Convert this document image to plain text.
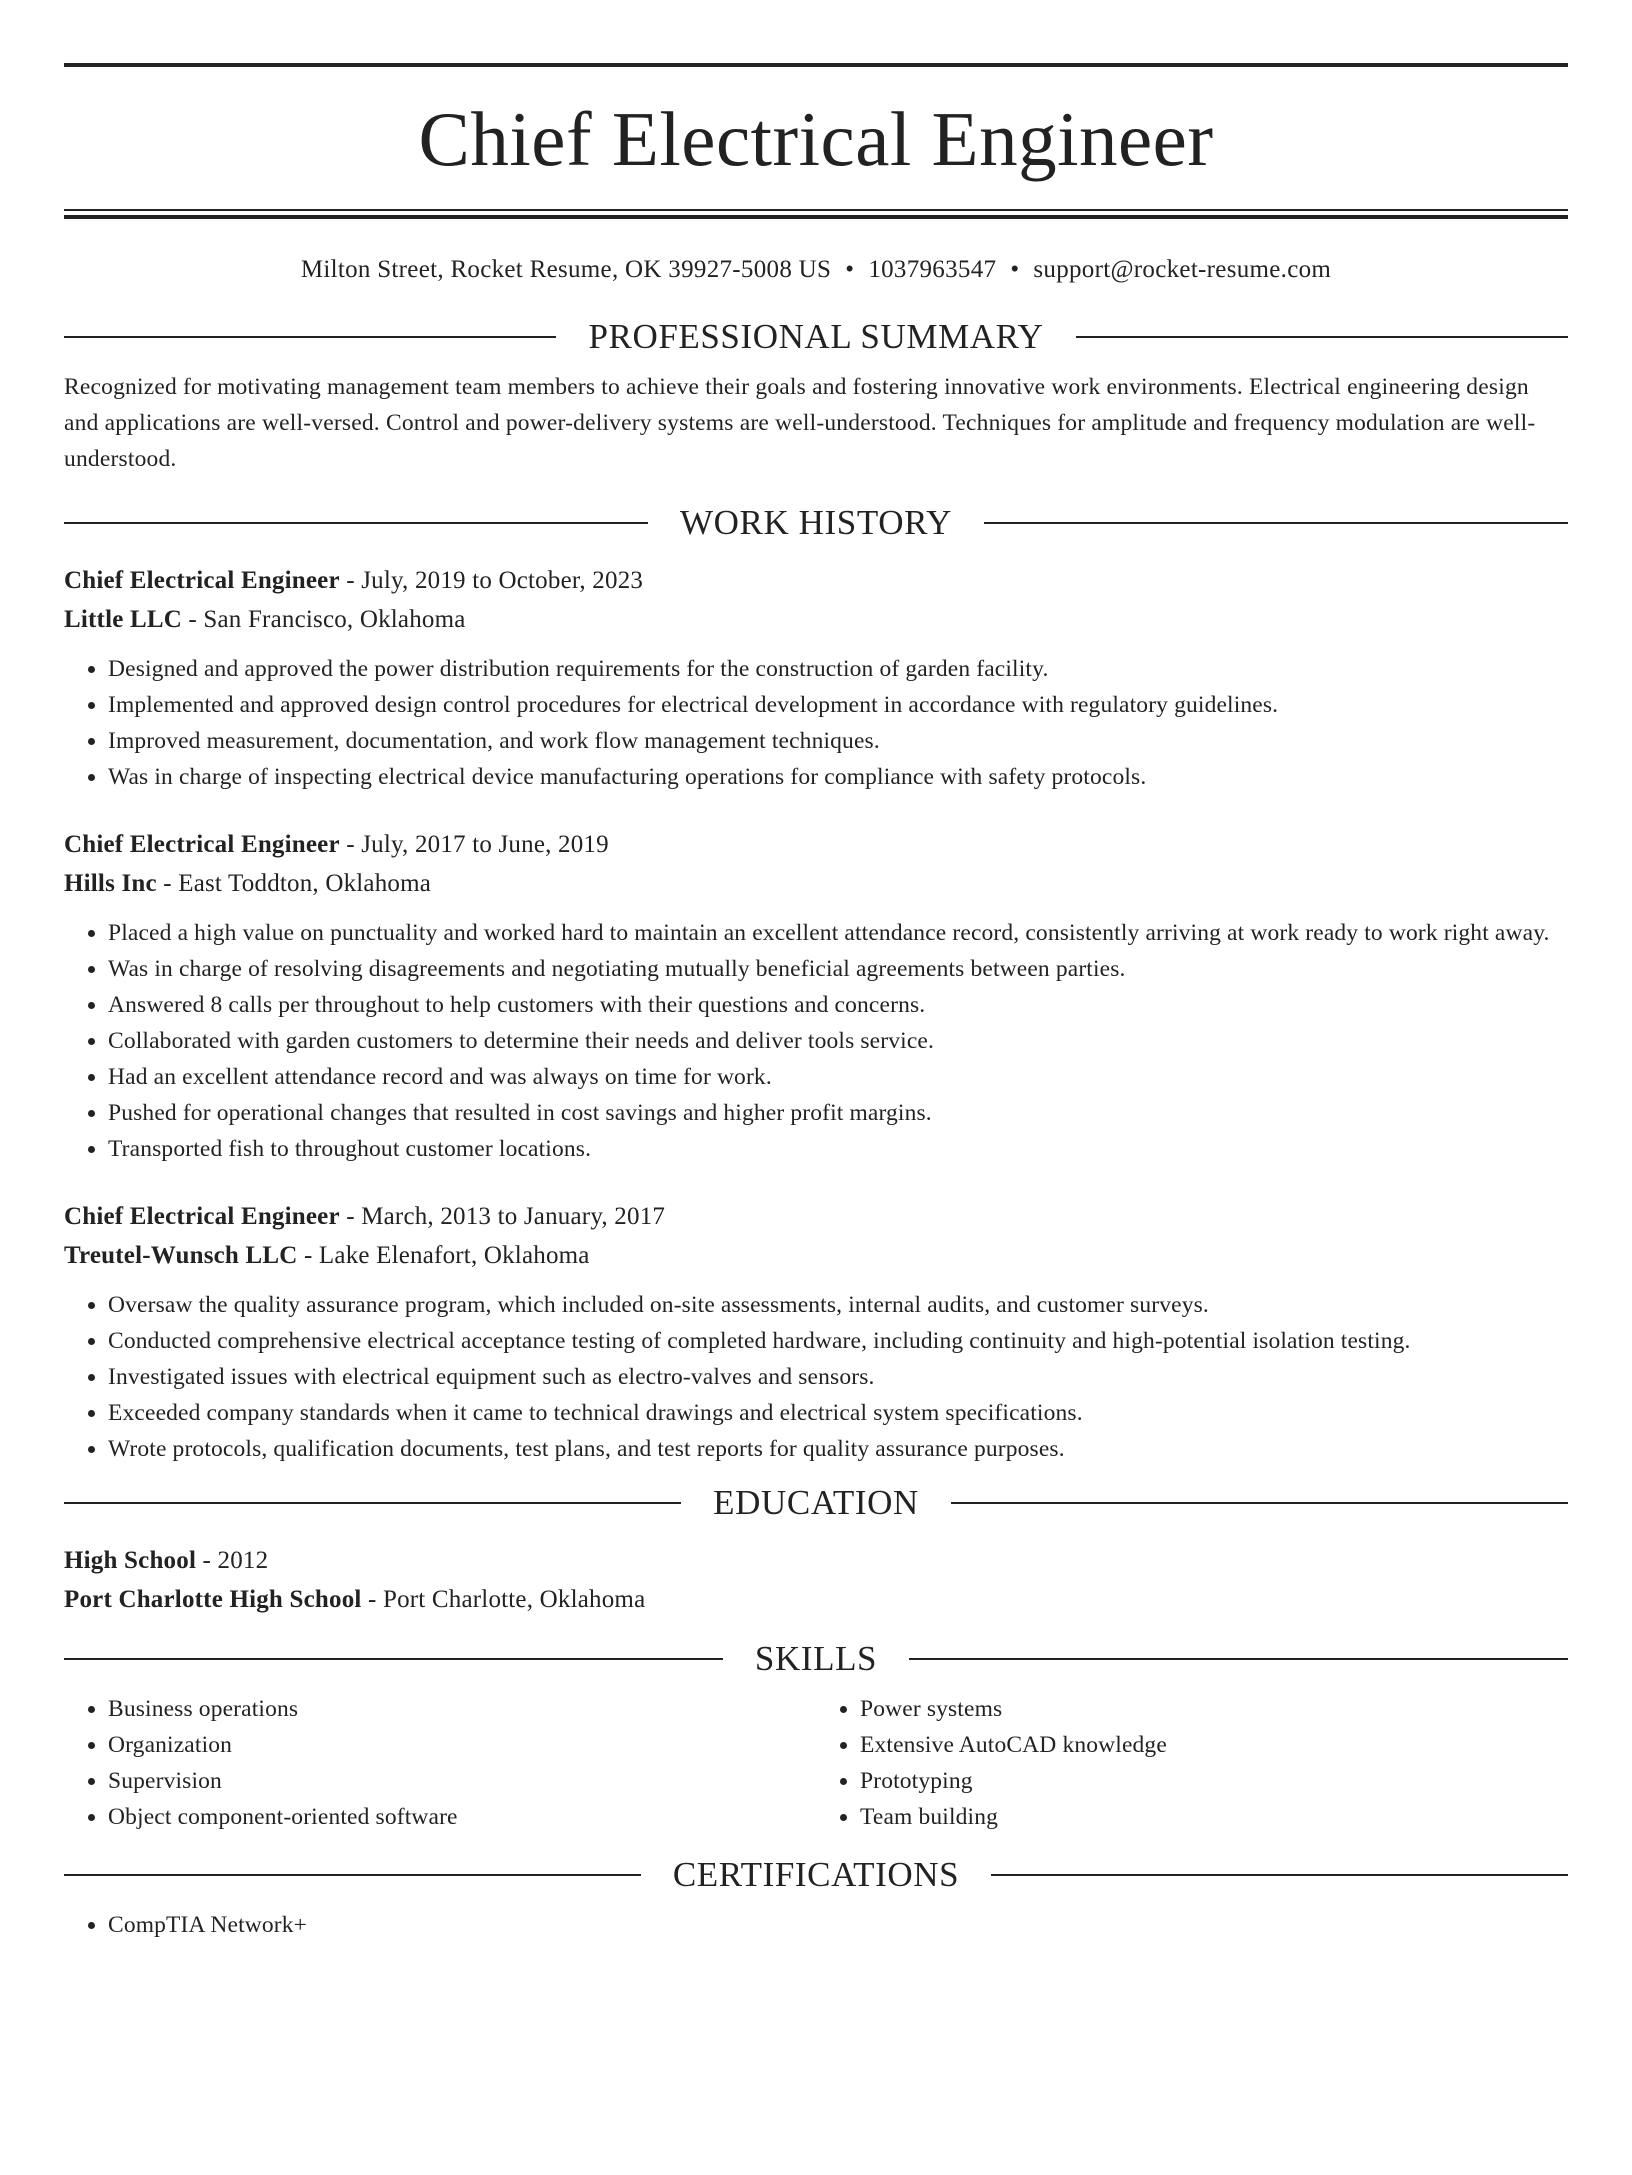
Chief Electrical Engineer
Milton Street, Rocket Resume, OK 39927-5008 US • 1037963547 • support@rocket-resume.com
PROFESSIONAL SUMMARY

Recognized for motivating management team members to achieve their goals and fostering innovative work environments. Electrical engineering design and applications are well-versed. Control and power-delivery systems are well-understood. Techniques for amplitude and frequency modulation are well-understood.

WORK HISTORY
Chief Electrical Engineer - July, 2019 to October, 2023
Little LLC - San Francisco, Oklahoma
• Designed and approved the power distribution requirements for the construction of garden facility.
• Implemented and approved design control procedures for electrical development in accordance with regulatory guidelines.
• Improved measurement, documentation, and work flow management techniques.
• Was in charge of inspecting electrical device manufacturing operations for compliance with safety protocols.
Chief Electrical Engineer - July, 2017 to June, 2019
Hills Inc - East Toddton, Oklahoma
• Placed a high value on punctuality and worked hard to maintain an excellent attendance record, consistently arriving at work ready to work right away.
• Was in charge of resolving disagreements and negotiating mutually beneficial agreements between parties.
• Answered 8 calls per throughout to help customers with their questions and concerns.
• Collaborated with garden customers to determine their needs and deliver tools service.
• Had an excellent attendance record and was always on time for work.
• Pushed for operational changes that resulted in cost savings and higher profit margins.
• Transported fish to throughout customer locations.
Chief Electrical Engineer - March, 2013 to January, 2017
Treutel-Wunsch LLC - Lake Elenafort, Oklahoma
• Oversaw the quality assurance program, which included on-site assessments, internal audits, and customer surveys.
• Conducted comprehensive electrical acceptance testing of completed hardware, including continuity and high-potential isolation testing.
• Investigated issues with electrical equipment such as electro-valves and sensors.
• Exceeded company standards when it came to technical drawings and electrical system specifications.
• Wrote protocols, qualification documents, test plans, and test reports for quality assurance purposes.
EDUCATION
High School - 2012
Port Charlotte High School - Port Charlotte, Oklahoma
SKILLS
• Business operations
• Organization
• Supervision
• Object component-oriented software
• Power systems
• Extensive AutoCAD knowledge
• Prototyping
• Team building
CERTIFICATIONS
• CompTIA Network+
